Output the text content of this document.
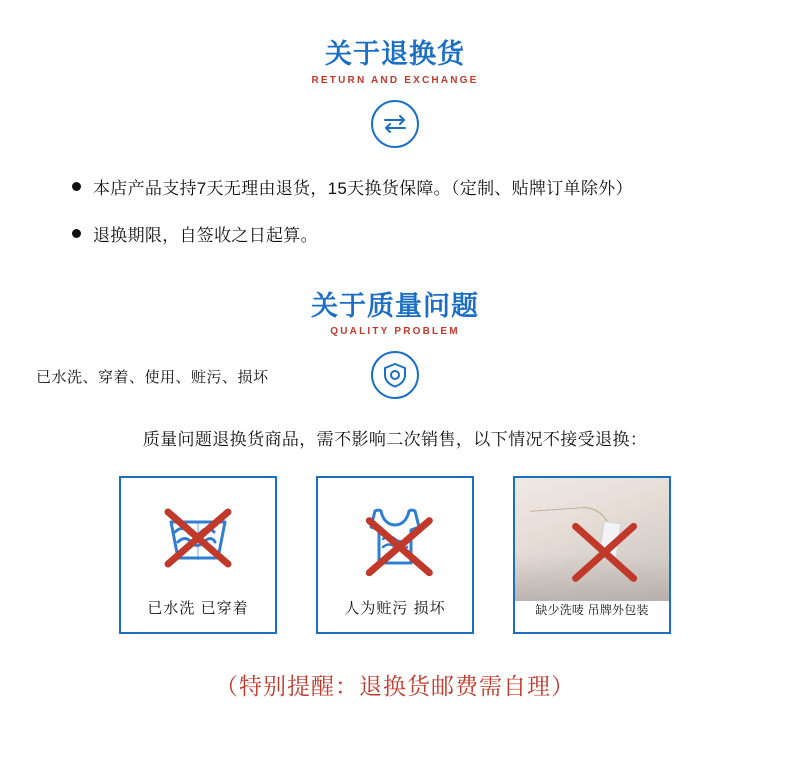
关于退换货
RETURN AND EXCHANGE
本店产品支持7天无理由退货，15天换货保障。（定制、贴牌订单除外）
退换期限，自签收之日起算。
关于质量问题
QUALITY PROBLEM
已水洗、穿着、使用、赃污、损坏
质量问题退换货商品，需不影响二次销售，以下情况不接受退换：
已水洗 已穿着	人为赃污 损坏	缺少洗唛 吊牌外包装
（特别提醒：退换货邮费需自理）
